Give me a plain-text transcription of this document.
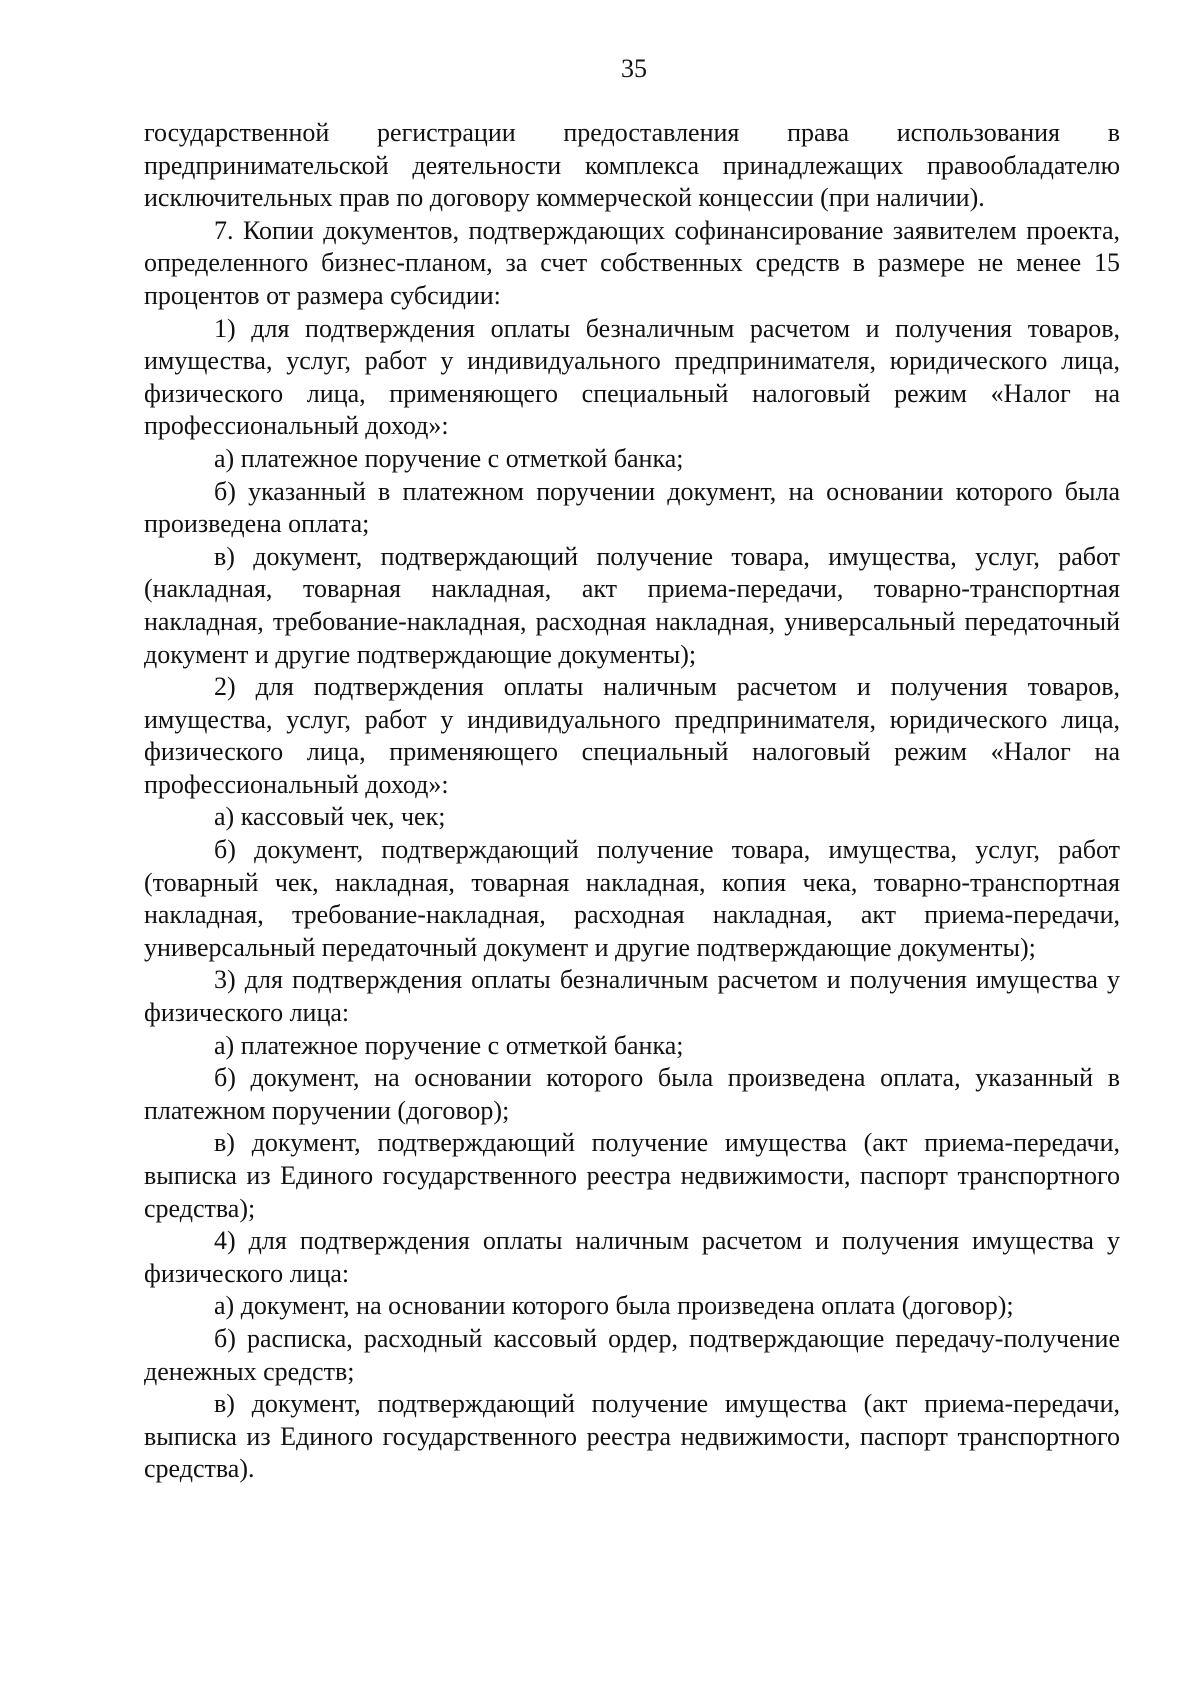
35

государственной регистрации предоставления права использования в предпринимательской деятельности комплекса принадлежащих правообладателю исключительных прав по договору коммерческой концессии (при наличии).

7. Копии документов, подтверждающих софинансирование заявителем проекта, определенного бизнес-планом, за счет собственных средств в размере не менее 15 процентов от размера субсидии:

1) для подтверждения оплаты безналичным расчетом и получения товаров, имущества, услуг, работ у индивидуального предпринимателя, юридического лица, физического лица, применяющего специальный налоговый режим «Налог на профессиональный доход»:

а) платежное поручение с отметкой банка;

б) указанный в платежном поручении документ, на основании которого была произведена оплата;

в) документ, подтверждающий получение товара, имущества, услуг, работ (накладная, товарная накладная, акт приема-передачи, товарно-транспортная накладная, требование-накладная, расходная накладная, универсальный передаточный документ и другие подтверждающие документы);

2) для подтверждения оплаты наличным расчетом и получения товаров, имущества, услуг, работ у индивидуального предпринимателя, юридического лица, физического лица, применяющего специальный налоговый режим «Налог на профессиональный доход»:

а) кассовый чек, чек;

б) документ, подтверждающий получение товара, имущества, услуг, работ (товарный чек, накладная, товарная накладная, копия чека, товарно-транспортная накладная, требование-накладная, расходная накладная, акт приема-передачи, универсальный передаточный документ и другие подтверждающие документы);

3) для подтверждения оплаты безналичным расчетом и получения имущества у физического лица:

а) платежное поручение с отметкой банка;

б) документ, на основании которого была произведена оплата, указанный в платежном поручении (договор);

в) документ, подтверждающий получение имущества (акт приема-передачи, выписка из Единого государственного реестра недвижимости, паспорт транспортного средства);

4) для подтверждения оплаты наличным расчетом и получения имущества у физического лица:

а) документ, на основании которого была произведена оплата (договор);

б) расписка, расходный кассовый ордер, подтверждающие передачу-получение денежных средств;

в) документ, подтверждающий получение имущества (акт приема-передачи, выписка из Единого государственного реестра недвижимости, паспорт транспортного средства).
